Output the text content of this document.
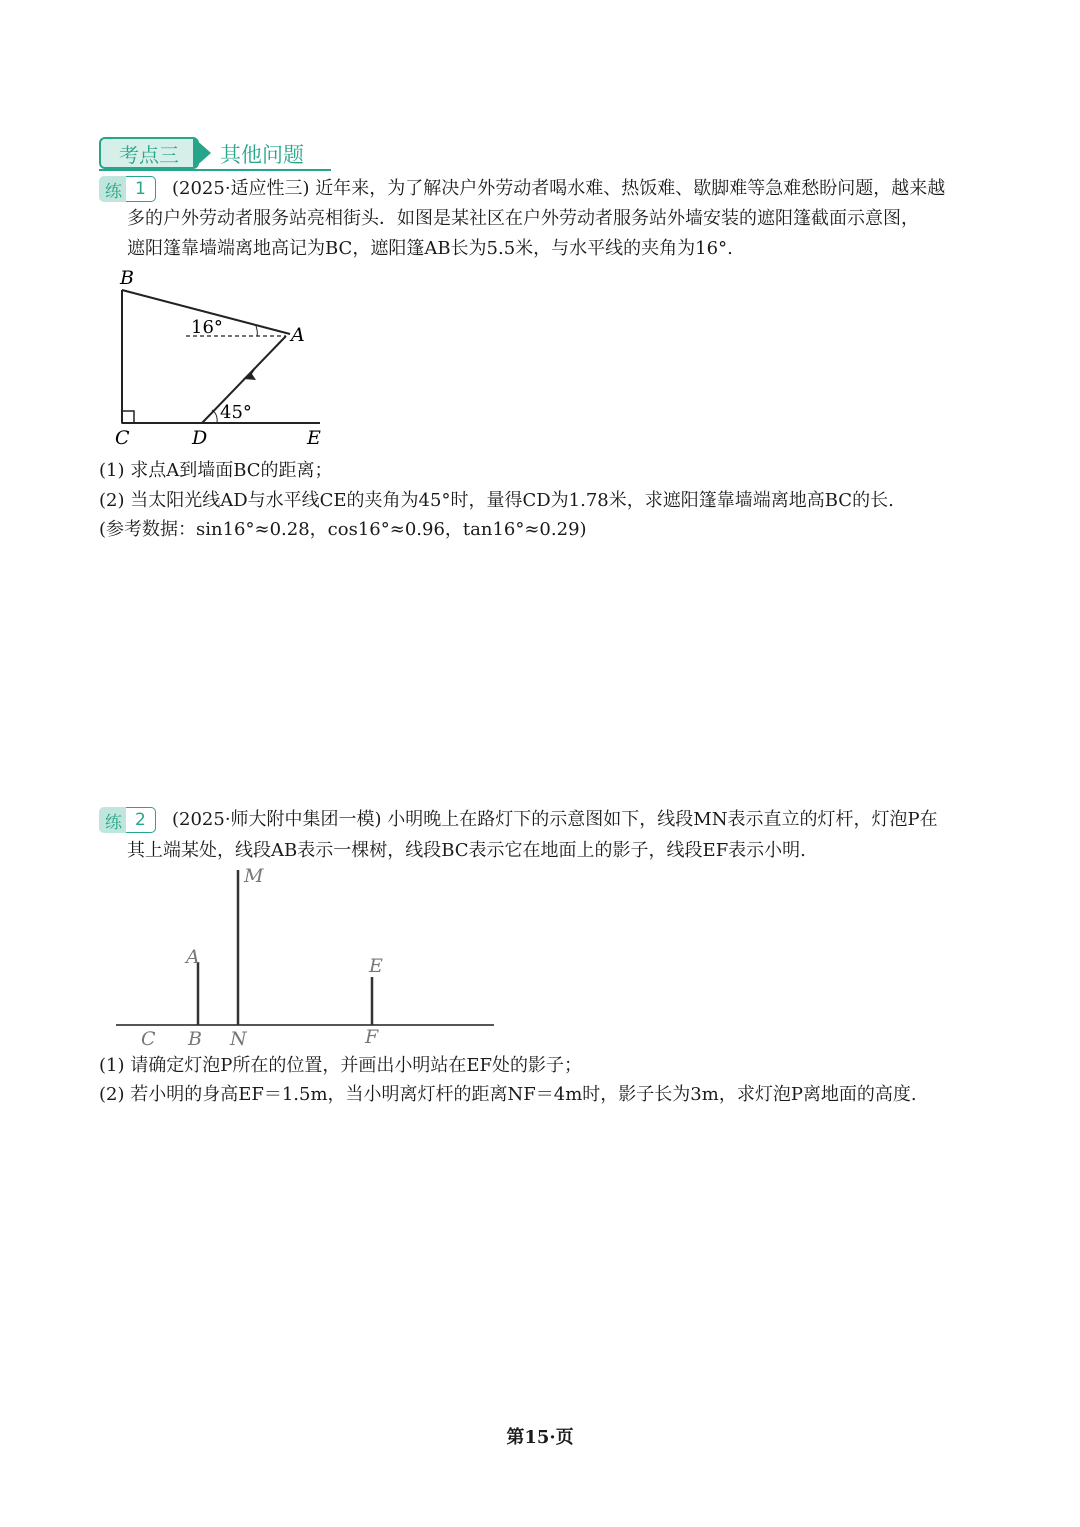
考点三	其他问题
练 1	(2025·适应性三) 近年来，为了解决户外劳动者喝水难、热饭难、歇脚难等急难愁盼问题，越来越
多的户外劳动者服务站亮相街头．如图是某社区在户外劳动者服务站外墙安装的遮阳篷截面示意图，
遮阳篷靠墙端离地高记为BC，遮阳篷AB长为5.5米，与水平线的夹角为16°.
B
A
C	D	E
16°
45°
(1) 求点A到墙面BC的距离；
(2) 当太阳光线AD与水平线CE的夹角为45°时，量得CD为1.78米，求遮阳篷靠墙端离地高BC的长.
(参考数据：sin16°≈0.28，cos16°≈0.96，tan16°≈0.29)
练 2	(2025·师大附中集团一模) 小明晚上在路灯下的示意图如下，线段MN表示直立的灯杆，灯泡P在
其上端某处，线段AB表示一棵树，线段BC表示它在地面上的影子，线段EF表示小明.
M
A	E
C B N	F
(1) 请确定灯泡P所在的位置，并画出小明站在EF处的影子；
(2) 若小明的身高EF＝1.5m，当小明离灯杆的距离NF＝4m时，影子长为3m，求灯泡P离地面的高度.
第15·页
